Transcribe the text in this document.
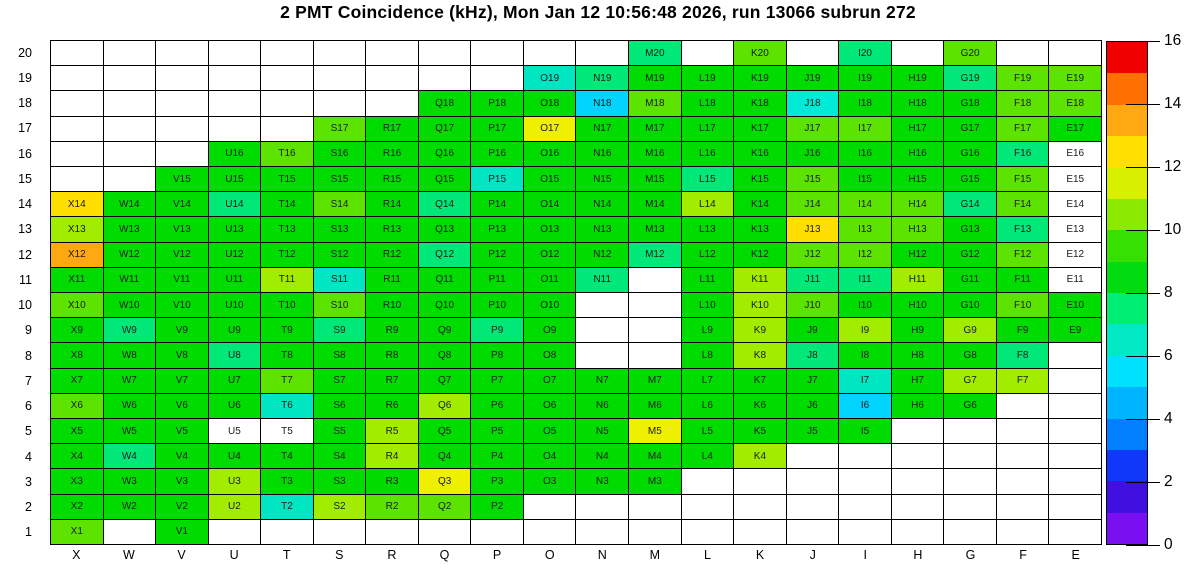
2 PMT Coincidence (kHz), Mon Jan 12 10:56:48 2026, run 13066 subrun 272
20
19
18
17
16
15
14
13
12
11
10
9
8
7
6
5
4
3
2
1
M20	K20	I20	G20
O19	N19	M19	L19	K19	J19	I19	H19	G19	F19	E19
Q18	P18	O18	N18	M18	L18	K18	J18	I18	H18	G18	F18	E18
S17	R17	Q17	P17	O17	N17	M17	L17	K17	J17	I17	H17	G17	F17	E17
U16	T16	S16	R16	Q16	P16	O16	N16	M16	L16	K16	J16	I16	H16	G16	F16	E16
V15	U15	T15	S15	R15	Q15	P15	O15	N15	M15	L15	K15	J15	I15	H15	G15	F15	E15
X14	W14	V14	U14	T14	S14	R14	Q14	P14	O14	N14	M14	L14	K14	J14	I14	H14	G14	F14	E14
X13	W13	V13	U13	T13	S13	R13	Q13	P13	O13	N13	M13	L13	K13	J13	I13	H13	G13	F13	E13
X12	W12	V12	U12	T12	S12	R12	Q12	P12	O12	N12	M12	L12	K12	J12	I12	H12	G12	F12	E12
X11	W11	V11	U11	T11	S11	R11	Q11	P11	O11	N11	L11	K11	J11	I11	H11	G11	F11	E11
X10	W10	V10	U10	T10	S10	R10	Q10	P10	O10	L10	K10	J10	I10	H10	G10	F10	E10
X9	W9	V9	U9	T9	S9	R9	Q9	P9	O9	L9	K9	J9	I9	H9	G9	F9	E9
X8	W8	V8	U8	T8	S8	R8	Q8	P8	O8	L8	K8	J8	I8	H8	G8	F8
X7	W7	V7	U7	T7	S7	R7	Q7	P7	O7	N7	M7	L7	K7	J7	I7	H7	G7	F7
X6	W6	V6	U6	T6	S6	R6	Q6	P6	O6	N6	M6	L6	K6	J6	I6	H6	G6
X5	W5	V5	U5	T5	S5	R5	Q5	P5	O5	N5	M5	L5	K5	J5	I5
X4	W4	V4	U4	T4	S4	R4	Q4	P4	O4	N4	M4	L4	K4
X3	W3	V3	U3	T3	S3	R3	Q3	P3	O3	N3	M3
X2	W2	V2	U2	T2	S2	R2	Q2	P2
X1	V1
X	W	V	U	T	S	R	Q	P	O	N	M	L	K	J	I	H	G	F	E
0
2
4
6
8
10
12
14
16
